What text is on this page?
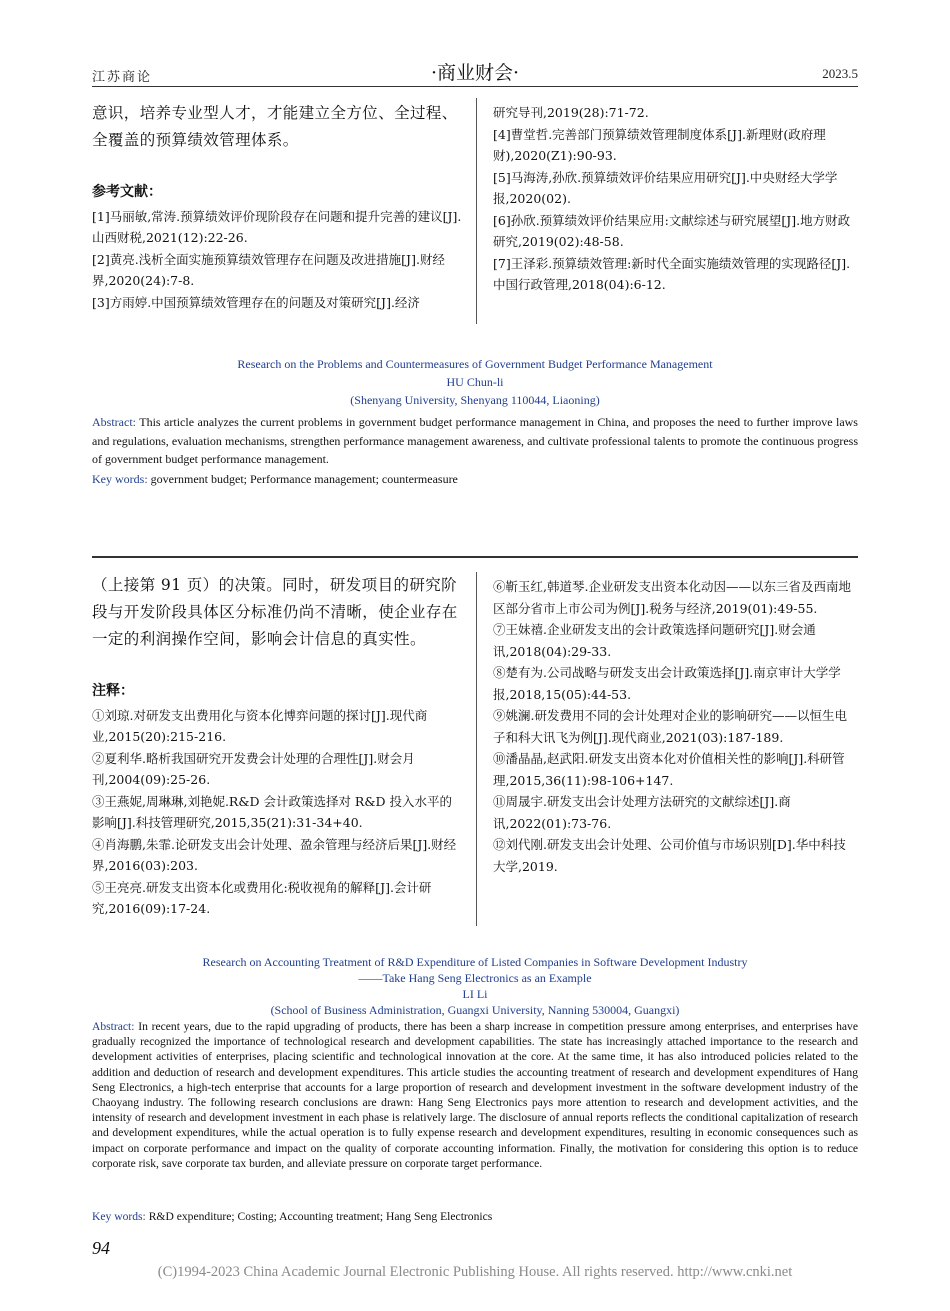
江苏商论	·商业财会·	2023.5

意识，培养专业型人才，才能建立全方位、全过程、全覆盖的预算绩效管理体系。

参考文献：

[1]马丽敏,常涛.预算绩效评价现阶段存在问题和提升完善的建议[J].山西财税,2021(12):22-26.

[2]黄亮.浅析全面实施预算绩效管理存在问题及改进措施[J].财经界,2020(24):7-8.

[3]方雨婷.中国预算绩效管理存在的问题及对策研究[J].经济

研究导刊,2019(28):71-72.

[4]曹堂哲.完善部门预算绩效管理制度体系[J].新理财(政府理财),2020(Z1):90-93.

[5]马海涛,孙欣.预算绩效评价结果应用研究[J].中央财经大学学报,2020(02).

[6]孙欣.预算绩效评价结果应用:文献综述与研究展望[J].地方财政研究,2019(02):48-58.

[7]王泽彩.预算绩效管理:新时代全面实施绩效管理的实现路径[J].中国行政管理,2018(04):6-12.

Research on the Problems and Countermeasures of Government Budget Performance Management
HU Chun-li
(Shenyang University, Shenyang 110044, Liaoning)
Abstract: This article analyzes the current problems in government budget performance management in China, and proposes the need to further improve laws and regulations, evaluation mechanisms, strengthen performance management awareness, and cultivate professional talents to promote the continuous progress of government budget performance management.
Key words: government budget; Performance management; countermeasure

（上接第 91 页）的决策。同时，研发项目的研究阶段与开发阶段具体区分标准仍尚不清晰，使企业存在一定的利润操作空间，影响会计信息的真实性。

注释：

①刘琼.对研发支出费用化与资本化博弈问题的探讨[J].现代商业,2015(20):215-216.

②夏利华.略析我国研究开发费会计处理的合理性[J].财会月刊,2004(09):25-26.

③王燕妮,周琳琳,刘艳妮.R&D 会计政策选择对 R&D 投入水平的影响[J].科技管理研究,2015,35(21):31-34+40.

④肖海鹏,朱霏.论研发支出会计处理、盈余管理与经济后果[J].财经界,2016(03):203.

⑤王亮亮.研发支出资本化或费用化:税收视角的解释[J].会计研究,2016(09):17-24.

⑥靳玉红,韩道琴.企业研发支出资本化动因——以东三省及西南地区部分省市上市公司为例[J].税务与经济,2019(01):49-55.

⑦王妹禧.企业研发支出的会计政策选择问题研究[J].财会通讯,2018(04):29-33.

⑧楚有为.公司战略与研发支出会计政策选择[J].南京审计大学学报,2018,15(05):44-53.

⑨姚澜.研发费用不同的会计处理对企业的影响研究——以恒生电子和科大讯飞为例[J].现代商业,2021(03):187-189.

⑩潘晶晶,赵武阳.研发支出资本化对价值相关性的影响[J].科研管理,2015,36(11):98-106+147.

⑪周晟宇.研发支出会计处理方法研究的文献综述[J].商讯,2022(01):73-76.

⑫刘代刚.研发支出会计处理、公司价值与市场识别[D].华中科技大学,2019.

Research on Accounting Treatment of R&D Expenditure of Listed Companies in Software Development Industry
——Take Hang Seng Electronics as an Example
LI Li
(School of Business Administration, Guangxi University, Nanning 530004, Guangxi)
Abstract: In recent years, due to the rapid upgrading of products, there has been a sharp increase in competition pressure among enterprises, and enterprises have gradually recognized the importance of technological research and development capabilities. The state has increasingly attached importance to the research and development activities of enterprises, placing scientific and technological innovation at the core. At the same time, it has also introduced policies related to the addition and deduction of research and development expenditures. This article studies the accounting treatment of research and development expenditures of Hang Seng Electronics, a high-tech enterprise that accounts for a large proportion of research and development investment in the software development industry of the Chaoyang industry. The following research conclusions are drawn: Hang Seng Electronics pays more attention to research and development activities, and the intensity of research and development investment in each phase is relatively large. The disclosure of annual reports reflects the conditional capitalization of research and development expenditures, while the actual operation is to fully expense research and development expenditures, resulting in economic consequences such as impact on corporate performance and impact on the quality of corporate accounting information. Finally, the motivation for considering this option is to reduce corporate risk, save corporate tax burden, and alleviate pressure on corporate target performance.
Key words: R&D expenditure; Costing; Accounting treatment; Hang Seng Electronics
94
(C)1994-2023 China Academic Journal Electronic Publishing House. All rights reserved. http://www.cnki.net
